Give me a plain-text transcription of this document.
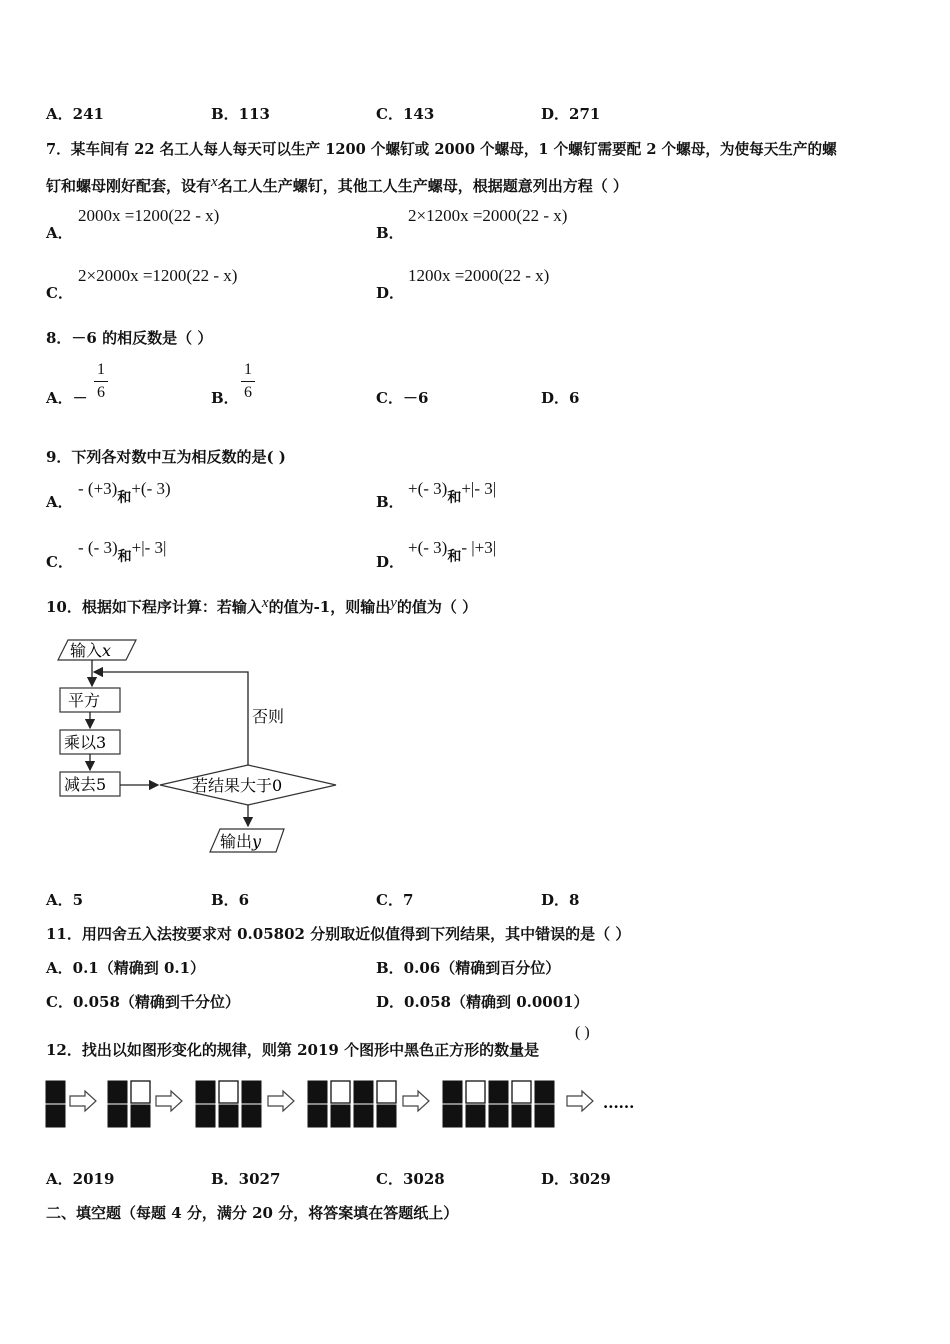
A．241	B．113	C．143	D．271
7．某车间有 22 名工人每人每天可以生产 1200 个螺钉或 2000 个螺母，1 个螺钉需要配 2 个螺母，为使每天生产的螺
钉和螺母刚好配套，设有x名工人生产螺钉，其他工人生产螺母，根据题意列出方程（ ）
A．
2000x =1200(22 - x)
B．
2×1200x =2000(22 - x)
C．
2×2000x =1200(22 - x)
D．
1200x =2000(22 - x)
8．－6 的相反数是（ ）
A．－
1
6	B．
1
6	C．－6	D．6
9．下列各对数中互为相反数的是( )
A．
- $(+3)_和+(-$ 3)
B．
+(- $3)_和+|-$ 3|
C．
- (- $3)_和+|-$ 3|
D．
+(- $3)_和-$ |+3|
10．根据如下程序计算：若输入x的值为-1，则输出y的值为（ ）
输入x
平方
乘以3
减去5	若结果大于0
否则
输出y
A．5	B．6	C．7	D．8
11．用四舍五入法按要求对 0.05802 分别取近似值得到下列结果，其中错误的是（ ）
A．0.1（精确到 0.1）	B．0.06（精确到百分位）
C．0.058（精确到千分位）	D．0.058（精确到 0.0001）
12．找出以如图形变化的规律，则第 2019 个图形中黑色正方形的数量是
( )
......
A．2019	B．3027	C．3028	D．3029
二、填空题（每题 4 分，满分 20 分，将答案填在答题纸上）
